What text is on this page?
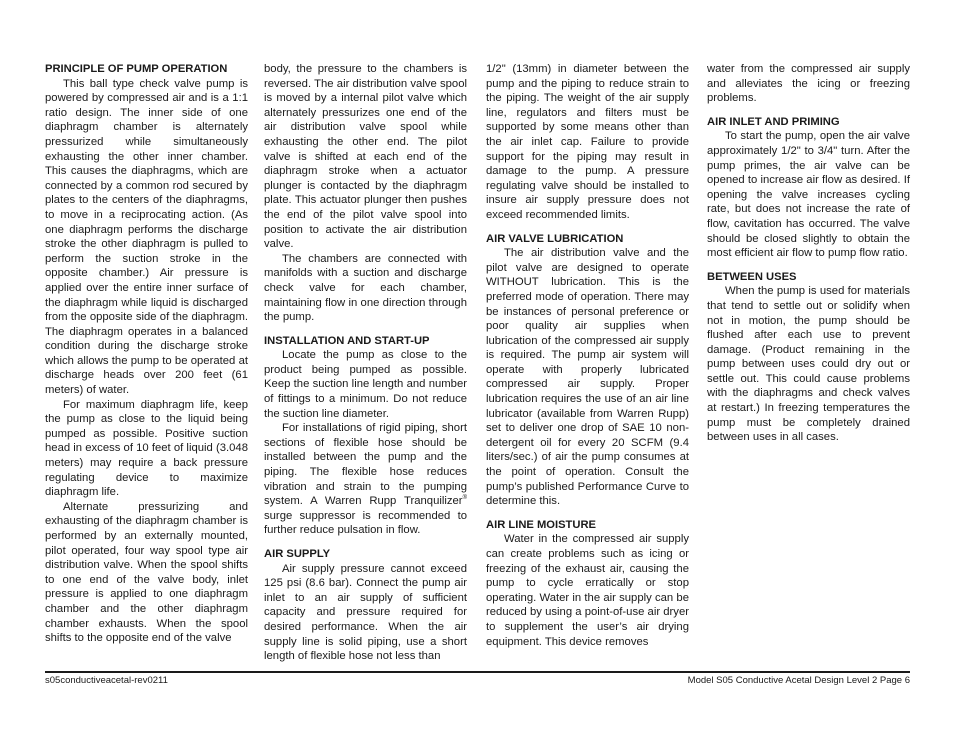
PRINCIPLE OF PUMP OPERATION

This ball type check valve pump is powered by compressed air and is a 1:1 ratio design. The inner side of one diaphragm chamber is alternately pressurized while simultaneously exhausting the other inner chamber. This causes the diaphragms, which are connected by a common rod secured by plates to the centers of the diaphragms, to move in a reciprocating action. (As one diaphragm performs the discharge stroke the other diaphragm is pulled to perform the suction stroke in the opposite chamber.) Air pressure is applied over the entire inner surface of the diaphragm while liquid is discharged from the opposite side of the diaphragm. The diaphragm operates in a balanced condition during the discharge stroke which allows the pump to be operated at discharge heads over 200 feet (61 meters) of water.

For maximum diaphragm life, keep the pump as close to the liquid being pumped as possible. Positive suction head in excess of 10 feet of liquid (3.048 meters) may require a back pressure regulating device to maximize diaphragm life.

Alternate pressurizing and exhausting of the diaphragm chamber is performed by an externally mounted, pilot operated, four way spool type air distribution valve. When the spool shifts to one end of the valve body, inlet pressure is applied to one diaphragm chamber and the other diaphragm chamber exhausts. When the spool shifts to the opposite end of the valve

body, the pressure to the chambers is reversed. The air distribution valve spool is moved by a internal pilot valve which alternately pressurizes one end of the air distribution valve spool while exhausting the other end. The pilot valve is shifted at each end of the diaphragm stroke when a actuator plunger is contacted by the diaphragm plate. This actuator plunger then pushes the end of the pilot valve spool into position to activate the air distribution valve.

The chambers are connected with manifolds with a suction and discharge check valve for each chamber, maintaining flow in one direction through the pump.

INSTALLATION AND START-UP

Locate the pump as close to the product being pumped as possible. Keep the suction line length and number of fittings to a minimum. Do not reduce the suction line diameter.

For installations of rigid piping, short sections of flexible hose should be installed between the pump and the piping. The flexible hose reduces vibration and strain to the pumping system. A Warren Rupp Tranquilizer® surge suppressor is recommended to further reduce pulsation in flow.

AIR SUPPLY

Air supply pressure cannot exceed 125 psi (8.6 bar). Connect the pump air inlet to an air supply of sufficient capacity and pressure required for desired performance. When the air supply line is solid piping, use a short length of flexible hose not less than

1/2" (13mm) in diameter between the pump and the piping to reduce strain to the piping. The weight of the air supply line, regulators and filters must be supported by some means other than the air inlet cap. Failure to provide support for the piping may result in damage to the pump. A pressure regulating valve should be installed to insure air supply pressure does not exceed recommended limits.

AIR VALVE LUBRICATION

The air distribution valve and the pilot valve are designed to operate WITHOUT lubrication. This is the preferred mode of operation. There may be instances of personal preference or poor quality air supplies when lubrication of the compressed air supply is required. The pump air system will operate with properly lubricated compressed air supply. Proper lubrication requires the use of an air line lubricator (available from Warren Rupp) set to deliver one drop of SAE 10 non-detergent oil for every 20 SCFM (9.4 liters/sec.) of air the pump consumes at the point of operation. Consult the pump’s published Performance Curve to determine this.

AIR LINE MOISTURE

Water in the compressed air supply can create problems such as icing or freezing of the exhaust air, causing the pump to cycle erratically or stop operating. Water in the air supply can be reduced by using a point-of-use air dryer to supplement the user’s air drying equipment. This device removes

water from the compressed air supply and alleviates the icing or freezing problems.

AIR INLET AND PRIMING

To start the pump, open the air valve approximately 1/2" to 3/4" turn. After the pump primes, the air valve can be opened to increase air flow as desired. If opening the valve increases cycling rate, but does not increase the rate of flow, cavitation has occurred. The valve should be closed slightly to obtain the most efficient air flow to pump flow ratio.

BETWEEN USES

When the pump is used for materials that tend to settle out or solidify when not in motion, the pump should be flushed after each use to prevent damage. (Product remaining in the pump between uses could dry out or settle out. This could cause problems with the diaphragms and check valves at restart.) In freezing temperatures the pump must be completely drained between uses in all cases.

s05conductiveacetal-rev0211	Model S05 Conductive Acetal Design Level 2 Page 6
